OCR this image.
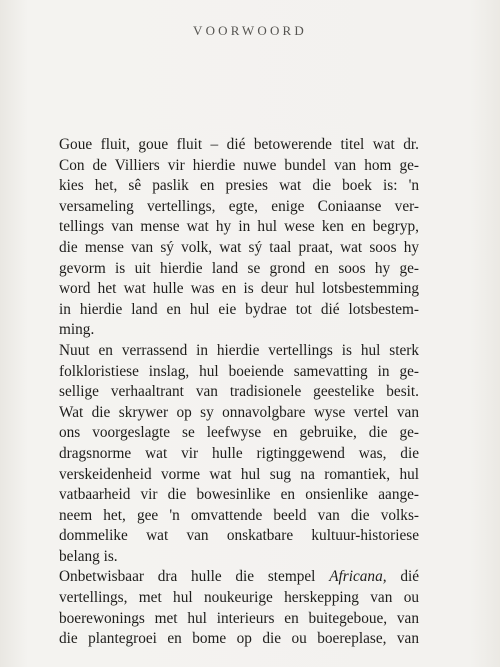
VOORWOORD
Goue fluit, goue fluit – dié betowerende titel wat dr.
Con de Villiers vir hierdie nuwe bundel van hom ge-
kies het, sê paslik en presies wat die boek is: 'n
versameling vertellings, egte, enige Coniaanse ver-
tellings van mense wat hy in hul wese ken en begryp,
die mense van sý volk, wat sý taal praat, wat soos hy
gevorm is uit hierdie land se grond en soos hy ge-
word het wat hulle was en is deur hul lotsbestemming
in hierdie land en hul eie bydrae tot dié lotsbestem-
ming.
Nuut en verrassend in hierdie vertellings is hul sterk
folkloristiese inslag, hul boeiende samevatting in ge-
sellige verhaaltrant van tradisionele geestelike besit.
Wat die skrywer op sy onnavolgbare wyse vertel van
ons voorgeslagte se leefwyse en gebruike, die ge-
dragsnorme wat vir hulle rigtinggewend was, die
verskeidenheid vorme wat hul sug na romantiek, hul
vatbaarheid vir die bowesinlike en onsienlike aange-
neem het, gee 'n omvattende beeld van die volks-
dommelike wat van onskatbare kultuur-historiese
belang is.
Onbetwisbaar dra hulle die stempel Africana, dié
vertellings, met hul noukeurige herskepping van ou
boerewonings met hul interieurs en buitegeboue, van
die plantegroei en bome op die ou boereplase, van
